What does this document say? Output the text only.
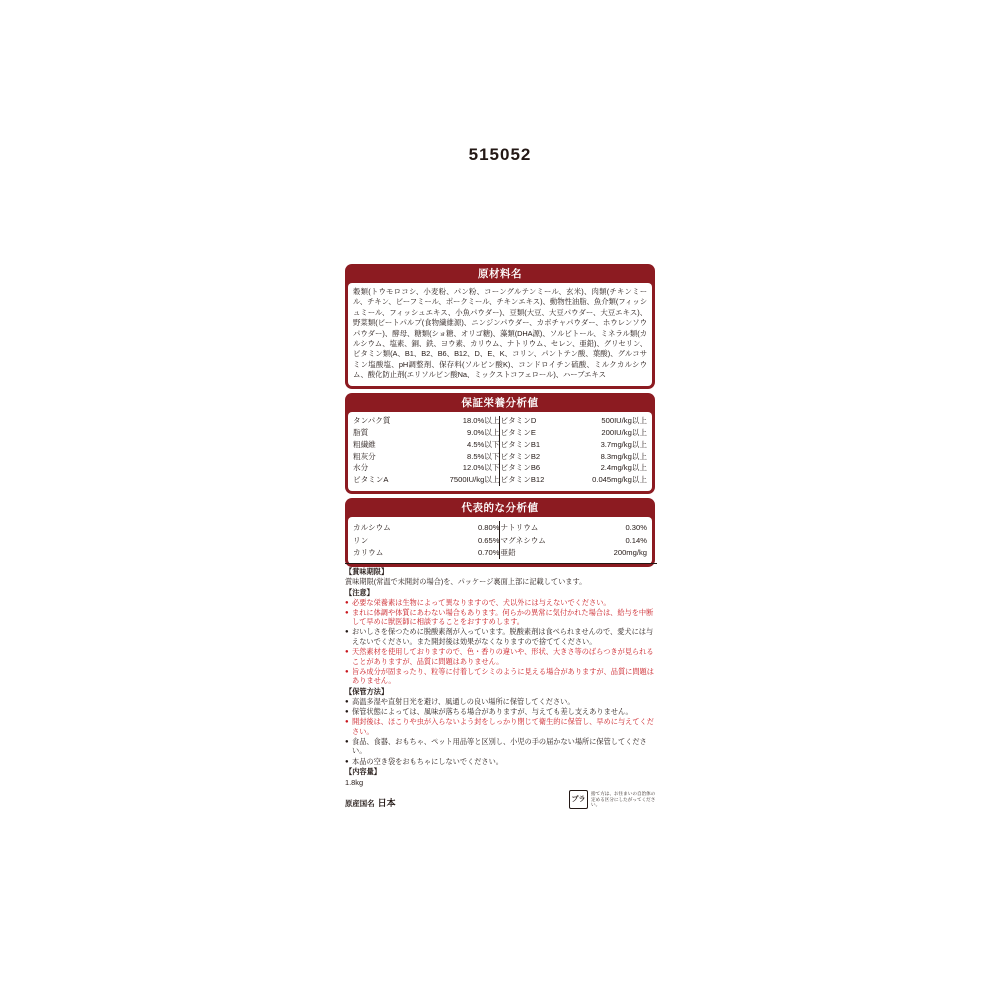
515052
原材料名
穀類(トウモロコシ、小麦粉、パン粉、コーングルテンミール、玄米)、肉類(チキンミール、チキン、ビーフミール、ポークミール、チキンエキス)、動物性油脂、魚介類(フィッシュミール、フィッシュエキス、小魚パウダー)、豆類(大豆、大豆パウダー、大豆エキス)、野菜類(ビートパルプ(食物繊維源)、ニンジンパウダー、カボチャパウダー、ホウレンソウパウダー)、酵母、糖類(ショ糖、オリゴ糖)、藻類(DHA源)、ソルビトール、ミネラル類(カルシウム、塩素、銅、鉄、ヨウ素、カリウム、ナトリウム、セレン、亜鉛)、グリセリン、ビタミン類(A、B1、B2、B6、B12、D、E、K、コリン、パントテン酸、葉酸)、グルコサミン塩酸塩、pH調整剤、保存料(ソルビン酸K)、コンドロイチン硫酸、ミルクカルシウム、酸化防止剤(エリソルビン酸Na、ミックストコフェロール)、ハーブエキス
保証栄養分析値
タンパク質	18.0%以上	ビタミンD	500IU/kg以上
脂質	9.0%以上	ビタミンE	200IU/kg以上
粗繊維	4.5%以下	ビタミンB1	3.7mg/kg以上
粗灰分	8.5%以下	ビタミンB2	8.3mg/kg以上
水分	12.0%以下	ビタミンB6	2.4mg/kg以上
ビタミンA	7500IU/kg以上	ビタミンB12	0.045mg/kg以上
代表的な分析値
カルシウム	0.80%	ナトリウム	0.30%
リン	0.65%	マグネシウム	0.14%
カリウム	0.70%	亜鉛	200mg/kg
【賞味期限】

賞味期限(常温で未開封の場合)を、パッケージ裏面上部に記載しています。

【注意】
● 必要な栄養素は生物によって異なりますので、犬以外には与えないでください。
● まれに体調や体質にあわない場合もあります。何らかの異常に気付かれた場合は、給与を中断して早めに獣医師に相談することをおすすめします。
● おいしさを保つために脱酸素剤が入っています。脱酸素剤は食べられませんので、愛犬には与えないでください。また開封後は効果がなくなりますので捨ててください。
● 天然素材を使用しておりますので、色・香りの違いや、形状、大きさ等のばらつきが見られることがありますが、品質に問題はありません。
● 旨み成分が固まったり、粒等に付着してシミのように見える場合がありますが、品質に問題はありません。
【保管方法】
● 高温多湿や直射日光を避け、風通しの良い場所に保管してください。
● 保管状態によっては、風味が落ちる場合がありますが、与えても差し支えありません。
● 開封後は、ほこりや虫が入らないよう封をしっかり閉じて衛生的に保管し、早めに与えてください。
● 食品、食器、おもちゃ、ペット用品等と区別し、小児の手の届かない場所に保管してください。
● 本品の空き袋をおもちゃにしないでください。
【内容量】
1.8kg
原産国名 日本	プラ
捨て方は、お住まいの自治体の定める区分にしたがってください。
